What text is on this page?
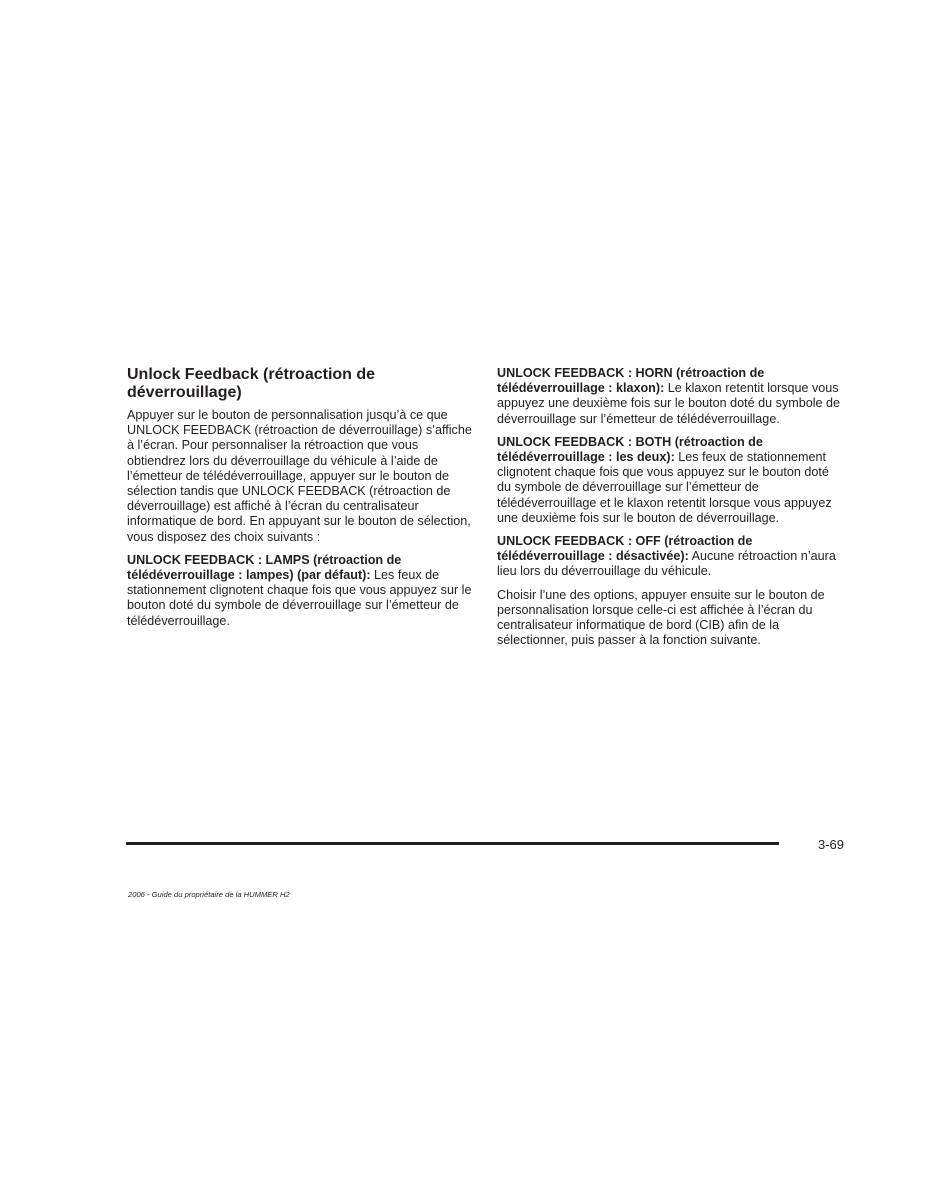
Unlock Feedback (rétroaction de déverrouillage)

Appuyer sur le bouton de personnalisation jusqu’à ce que UNLOCK FEEDBACK (rétroaction de déverrouillage) s’affiche à l’écran. Pour personnaliser la rétroaction que vous obtiendrez lors du déverrouillage du véhicule à l’aide de l’émetteur de télédéverrouillage, appuyer sur le bouton de sélection tandis que UNLOCK FEEDBACK (rétroaction de déverrouillage) est affiché à l’écran du centralisateur informatique de bord. En appuyant sur le bouton de sélection, vous disposez des choix suivants :

UNLOCK FEEDBACK : LAMPS (rétroaction de télédéverrouillage : lampes) (par défaut): Les feux de stationnement clignotent chaque fois que vous appuyez sur le bouton doté du symbole de déverrouillage sur l’émetteur de télédéverrouillage.

UNLOCK FEEDBACK : HORN (rétroaction de télédéverrouillage : klaxon): Le klaxon retentit lorsque vous appuyez une deuxième fois sur le bouton doté du symbole de déverrouillage sur l’émetteur de télédéverrouillage.

UNLOCK FEEDBACK : BOTH (rétroaction de télédéverrouillage : les deux): Les feux de stationnement clignotent chaque fois que vous appuyez sur le bouton doté du symbole de déverrouillage sur l’émetteur de télédéverrouillage et le klaxon retentit lorsque vous appuyez une deuxième fois sur le bouton de déverrouillage.

UNLOCK FEEDBACK : OFF (rétroaction de télédéverrouillage : désactivée): Aucune rétroaction n’aura lieu lors du déverrouillage du véhicule.

Choisir l’une des options, appuyer ensuite sur le bouton de personnalisation lorsque celle-ci est affichée à l’écran du centralisateur informatique de bord (CIB) afin de la sélectionner, puis passer à la fonction suivante.

3-69
2006 - Guide du propriétaire de la HUMMER H2
